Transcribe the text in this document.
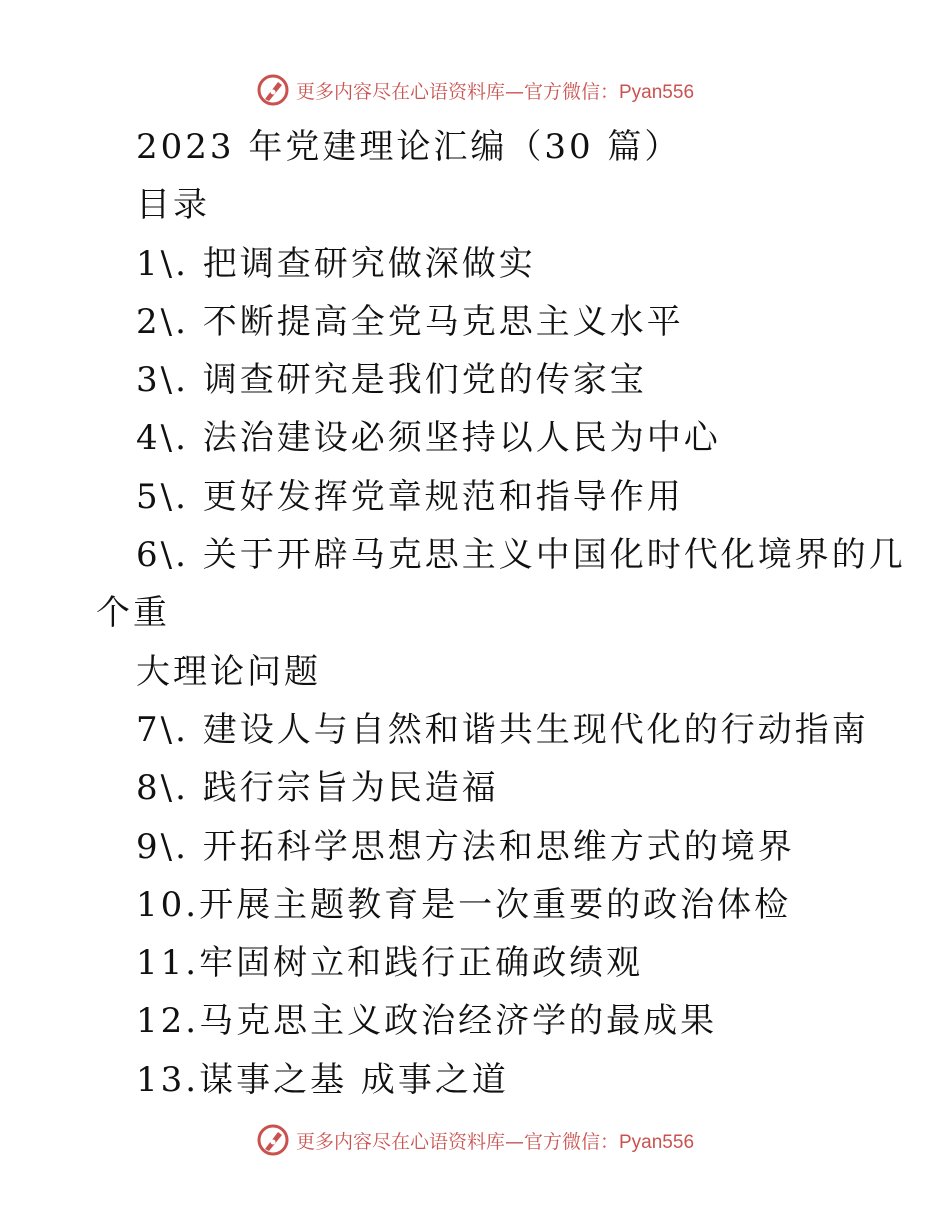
更多内容尽在心语资料库—官方微信：Pyan556
2023 年党建理论汇编（30 篇）
目录
1\. 把调查研究做深做实
2\. 不断提高全党马克思主义水平
3\. 调查研究是我们党的传家宝
4\. 法治建设必须坚持以人民为中心
5\. 更好发挥党章规范和指导作用
6\. 关于开辟马克思主义中国化时代化境界的几
个重
大理论问题
7\. 建设人与自然和谐共生现代化的行动指南
8\. 践行宗旨为民造福
9\. 开拓科学思想方法和思维方式的境界
10.开展主题教育是一次重要的政治体检
11.牢固树立和践行正确政绩观
12.马克思主义政治经济学的最成果
13.谋事之基 成事之道
更多内容尽在心语资料库—官方微信：Pyan556
